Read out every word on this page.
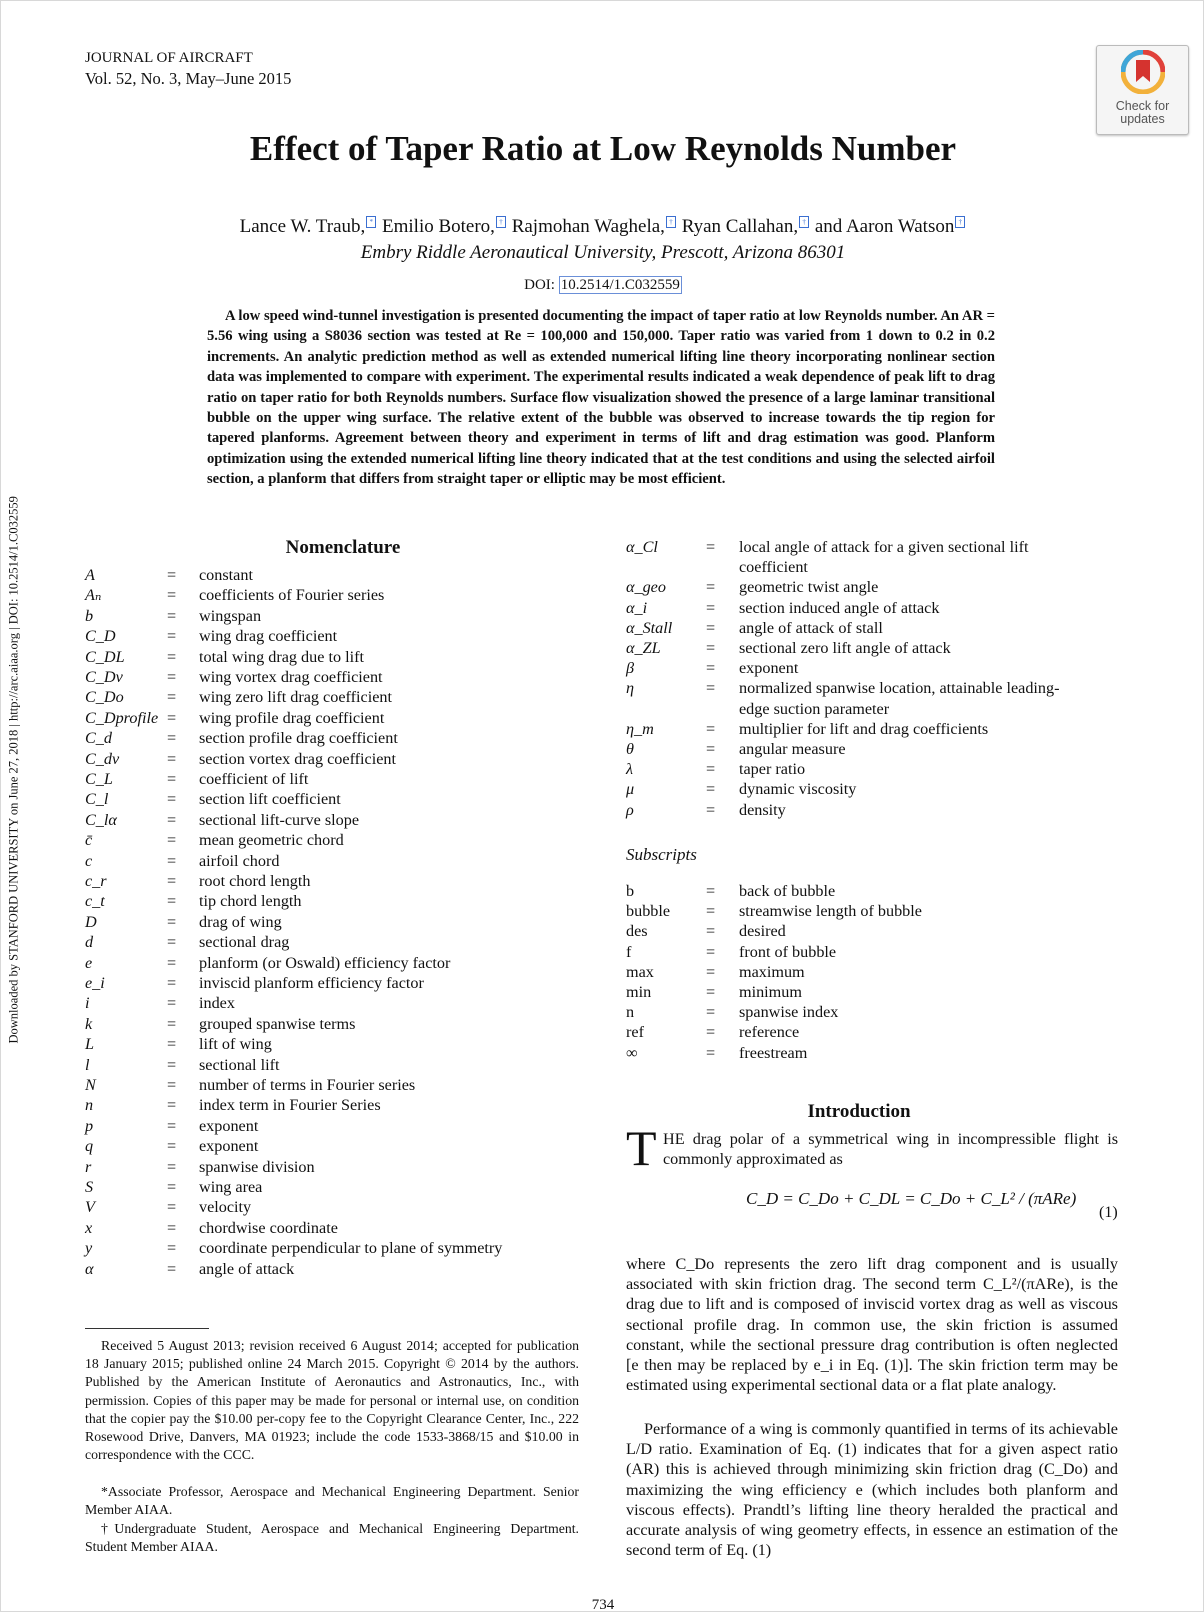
JOURNAL OF AIRCRAFT
Vol. 52, No. 3, May–June 2015
Check for updates
Effect of Taper Ratio at Low Reynolds Number
Lance W. Traub, * Emilio Botero, † Rajmohan Waghela, † Ryan Callahan, † and Aaron Watson †
Embry Riddle Aeronautical University, Prescott, Arizona 86301
DOI: 10.2514/1.C032559
A low speed wind-tunnel investigation is presented documenting the impact of taper ratio at low Reynolds number. An AR = 5.56 wing using a S8036 section was tested at Re = 100,000 and 150,000. Taper ratio was varied from 1 down to 0.2 in 0.2 increments. An analytic prediction method as well as extended numerical lifting line theory incorporating nonlinear section data was implemented to compare with experiment. The experimental results indicated a weak dependence of peak lift to drag ratio on taper ratio for both Reynolds numbers. Surface flow visualization showed the presence of a large laminar transitional bubble on the upper wing surface. The relative extent of the bubble was observed to increase towards the tip region for tapered planforms. Agreement between theory and experiment in terms of lift and drag estimation was good. Planform optimization using the extended numerical lifting line theory indicated that at the test conditions and using the selected airfoil section, a planform that differs from straight taper or elliptic may be most efficient.
Downloaded by STANFORD UNIVERSITY on June 27, 2018 | http://arc.aiaa.org | DOI: 10.2514/1.C032559	Nomenclature
A	= constant
Aₙ	= coefficients of Fourier series
b	= wingspan
C_D	= wing drag coefficient
C_DL	= total wing drag due to lift
C_Dv	= wing vortex drag coefficient
C_Do	= wing zero lift drag coefficient
C_Dprofile = wing profile drag coefficient
C_d	= section profile drag coefficient
C_dv	= section vortex drag coefficient
C_L	= coefficient of lift
C_l	= section lift coefficient
C_lα	= sectional lift-curve slope
c̄	= mean geometric chord
c	= airfoil chord
c_r	= root chord length
c_t	= tip chord length
D	= drag of wing
d	= sectional drag
e	= planform (or Oswald) efficiency factor
e_i	= inviscid planform efficiency factor
i	= index
k	= grouped spanwise terms
L	= lift of wing
l	= sectional lift
N	= number of terms in Fourier series
n	= index term in Fourier Series
p	= exponent
q	= exponent
r	= spanwise division
S	= wing area
V	= velocity
x	= chordwise coordinate
y	= coordinate perpendicular to plane of symmetry
α	= angle of attack
α_Cl	= local angle of attack for a given sectional lift
coefficient
α_geo = geometric twist angle
α_i	= section induced angle of attack
α_Stall = angle of attack of stall
α_ZL	= sectional zero lift angle of attack
β	= exponent
η	= normalized spanwise location, attainable leading-
edge suction parameter
η_m	= multiplier for lift and drag coefficients
θ	= angular measure
λ	= taper ratio
μ	= dynamic viscosity
ρ	= density
Subscripts
b	= back of bubble
bubble = streamwise length of bubble
des	= desired
f	= front of bubble
max	= maximum
min	= minimum
n	= spanwise index
ref	= reference
∞	= freestream
Received 5 August 2013; revision received 6 August 2014; accepted for publication 18 January 2015; published online 24 March 2015. Copyright © 2014 by the authors. Published by the American Institute of Aeronautics and Astronautics, Inc., with permission. Copies of this paper may be made for personal or internal use, on condition that the copier pay the $10.00 per-copy fee to the Copyright Clearance Center, Inc., 222 Rosewood Drive, Danvers, MA 01923; include the code 1533-3868/15 and $10.00 in correspondence with the CCC.
*Associate Professor, Aerospace and Mechanical Engineering Department. Senior Member AIAA.
†Undergraduate Student, Aerospace and Mechanical Engineering Department. Student Member AIAA.
Introduction
T HE drag polar of a symmetrical wing in incompressible flight is commonly approximated as
C_D = C_Do + C_DL = C_Do + C_L² / (πARe)
(1)
where C_Do represents the zero lift drag component and is usually associated with skin friction drag. The second term C_L²/(πARe), is the drag due to lift and is composed of inviscid vortex drag as well as viscous sectional profile drag. In common use, the skin friction is assumed constant, while the sectional pressure drag contribution is often neglected [e then may be replaced by e_i in Eq. (1)]. The skin friction term may be estimated using experimental sectional data or a flat plate analogy.
Performance of a wing is commonly quantified in terms of its achievable L/D ratio. Examination of Eq. (1) indicates that for a given aspect ratio (AR) this is achieved through minimizing skin friction drag (C_Do) and maximizing the wing efficiency e (which includes both planform and viscous effects). Prandtl’s lifting line theory heralded the practical and accurate analysis of wing geometry effects, in essence an estimation of the second term of Eq. (1)
734
